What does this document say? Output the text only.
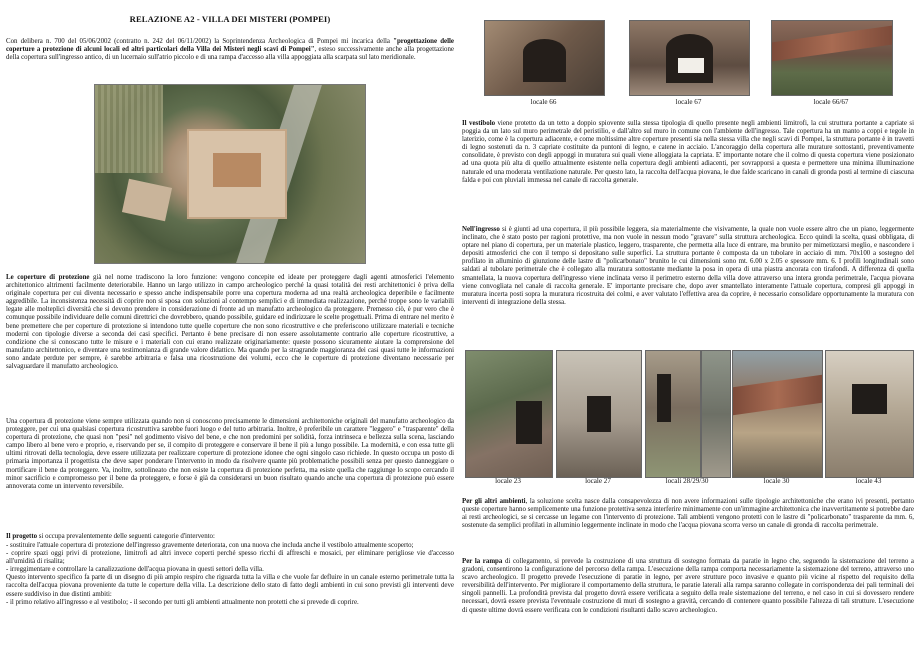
RELAZIONE A2 - VILLA DEI MISTERI (POMPEI)

Con delibera n. 700 del 05/06/2002 (contratto n. 242 del 06/11/2002) la Soprintendenza Archeologica di Pompei mi incarica della "progettazione delle coperture a protezione di alcuni locali ed altri particolari della Villa dei Misteri negli scavi di Pompei", esteso successivamente anche alla progettazione della copertura sull'ingresso antico, di un lucernaio sull'atrio piccolo e di una rampa d'accesso alla villa appoggiata alla scarpata sul lato meridionale.

Le coperture di protezione già nel nome tradiscono la loro funzione: vengono concepite ed ideate per proteggere dagli agenti atmosferici l'elemento architettonico altrimenti facilmente deteriorabile. Hanno un largo utilizzo in campo archeologico perché la quasi totalità dei resti architettonici è priva della originale copertura per cui diventa necessario e spesso anche indispensabile porre una copertura moderna ad una realtà archeologica deperibile e facilmente aggredibile. La inconsistenza necessità di coprire non si sposa con soluzioni al contempo semplici e di immediata realizzazione, perché troppe sono le variabili legate alle molteplici diversità che si devono prendere in considerazione di fronte ad un manufatto archeologico da proteggere. Premesso ciò, è pur vero che è comunque possibile individuare delle comuni direttrici che dovrebbero, quando possibile, guidare ed indirizzare le scelte progettuali. Prima di entrare nel merito è bene premettere che per coperture di protezione si intendono tutte quelle coperture che non sono ricostruttive e che preferiscono utilizzare materiali e tecniche moderni con tipologie diverse a seconda dei casi specifici. Pertanto è bene precisare di non essere assolutamente contrario alle coperture ricostruttive, a condizione che si conoscano tutte le misure e i materiali con cui erano realizzate originariamente: queste possono sicuramente aiutare la comprensione del manufatto architettonico, e diventare una testimonianza di grande valore didattico. Ma quando per la stragrande maggioranza dei casi quasi tutte le informazioni sono andate perdute per sempre, è sarebbe arbitraria e falsa una ricostruzione dei volumi, ecco che le coperture di protezione diventano necessarie per salvaguardare il manufatto archeologico.

Una copertura di protezione viene sempre utilizzata quando non si conoscono precisamente le dimensioni architettoniche originali del manufatto archeologico da proteggere, per cui una qualsiasi copertura ricostruttiva sarebbe fuori luogo e del tutto arbitraria. Inoltre, è preferibile un carattere "leggero" e "trasparente" della copertura di protezione, che quasi non "pesi" nel godimento visivo del bene, e che non predomini per solidità, forza intrinseca e bellezza sulla scena, lasciando campo libero al bene vero e proprio, e, riservando per se, il compito di proteggere e conservare il bene il più a lungo possibile. La modernità, e con essa tutte gli ultimi ritrovati della tecnologia, deve essere utilizzata per realizzare coperture di protezione idonee che ogni singolo caso richiede. In questo occupa un posto di primaria importanza il progettista che deve saper ponderare l'intervento in modo da risolvere quante più problematiche possibili senza per questo danneggiare o mortificare il bene da proteggere. Va, inoltre, sottolineato che non esiste la copertura di protezione perfetta, ma esiste quella che raggiunge lo scopo cercando il minor sacrificio e compromesso per il bene da proteggere, e forse è già da considerarsi un buon risultato quando anche una copertura di protezione può essere annoverata come un intervento reversibile.

Il progetto si occupa prevalentemente delle seguenti categorie d'intervento:

- sostituire l'attuale copertura di protezione dell'ingresso gravemente deteriorata, con una nuova che includa anche il vestibolo attualmente scoperto;
- coprire spazi oggi privi di protezione, limitrofi ad altri invece coperti perché spesso ricchi di affreschi e mosaici, per eliminare perigliose vie d'accesso all'umidità di risalita;
- irreggimentare e controllare la canalizzazione dell'acqua piovana in questi settori della villa.
Questo intervento specifico fa parte di un disegno di più ampio respiro che riguarda tutta la villa e che vuole far defluire in un canale esterno perimetrale tutta la raccolta dell'acqua piovana proveniente da tutte le coperture della villa. La descrizione dello stato di fatto degli ambienti in cui sono previsti gli interventi deve essere suddiviso in due distinti ambiti:
- il primo relativo all'ingresso e al vestibolo; - il secondo per tutti gli ambienti attualmente non protetti che si prevede di coprire.

locale 66	locale 67	locale 66/67

Il vestibolo viene protetto da un tetto a doppio spiovente sulla stessa tipologia di quello presente negli ambienti limitrofi, la cui struttura portante a capriate si poggia da un lato sul muro perimetrale del peristilio, e dall'altro sul muro in comune con l'ambiente dell'ingresso. Tale copertura ha un manto a coppi e tegole in laterizio, come è la copertura adiacente, e come moltissime altre coperture presenti sia nella stessa villa che negli scavi di Pompei, la struttura portante è in travetti di legno sostenuti da n. 3 capriate costituite da puntoni di legno, e catene in acciaio. L'ancoraggio della copertura alle murature sottostanti, preventivamente consolidate, è previsto con degli appoggi in muratura sui quali viene alloggiata la capriata. E' importante notare che il colmo di questa copertura viene posizionato ad una quota più alta di quello attualmente esistente nella copertura degli ambienti adiacenti, per sovrapporsi a questa e permettere una minima illuminazione naturale ed una moderata ventilazione naturale. Per questo lato, la raccolta dell'acqua piovana, le due falde scaricano in canali di gronda posti al termine di ciascuna falda e poi con pluviali immessa nel canale di raccolta generale.

Nell'ingresso si è giunti ad una copertura, il più possibile leggera, sia materialmente che visivamente, la quale non vuole essere altro che un piano, leggermente inclinato, che è stato posto per ragioni protettive, ma non vuole in nessun modo "gravare" sulla struttura archeologica. Ecco quindi la scelta, quasi obbligata, di optare nel piano di copertura, per un materiale plastico, leggero, trasparente, che permetta alla luce di entrare, ma brunito per mimetizzarsi meglio, e nascondere i depositi atmosferici che con il tempo si depositano sulle superfici. La struttura portante è composta da un tubolare in acciaio di mm. 70x100 a sostegno del profilato in alluminio di giunzione delle lastre di "policarbonato" brunito le cui dimensioni sono mt. 6.00 x 2.05 e spessore mm. 6. I profili longitudinali sono saldati al tubolare perimetrale che è collegato alla muratura sottostante mediante la posa in opera di una piastra ancorata con tirafondi. A differenza di quella smantellata, la nuova copertura dell'ingresso viene inclinata verso il perimetro esterno della villa dove attraverso una intera gronda perimetrale, l'acqua piovana viene convogliata nel canale di raccolta generale. E' importante precisare che, dopo aver smantellato interamente l'attuale copertura, compresi gli appoggi in muratura incerta posti sopra la muratura ricostruita dei colmi, e aver valutato l'effettiva area da coprire, è necessario consolidare opportunamente la muratura con interventi di integrazione della stessa.

locale 23	locale 27	locali 28/29/30	locale 30	locale 43

Per gli altri ambienti, la soluzione scelta nasce dalla consapevolezza di non avere informazioni sulle tipologie architettoniche che erano ivi presenti, pertanto queste coperture hanno semplicemente una funzione protettiva senza interferire minimamente con un'immagine architettonica che inavvertitamente si potrebbe dare ai resti archeologici, se si cercasse un legame con l'intervento di protezione. Tali ambienti vengono protetti con le lastre di "policarbonato" trasparente da mm. 6, sostenute da semplici profilati in alluminio leggermente inclinate in modo che l'acqua piovana scorra verso un canale di gronda di raccolta perimetrale.

Per la rampa di collegamento, si prevede la costruzione di una struttura di sostegno formata da paratie in legno che, seguendo la sistemazione del terreno a gradoni, consentirono la configurazione del percorso della rampa. L'esecuzione della rampa comporta necessariamente la sistemazione del terreno, attraverso uno scavo archeologico. Il progetto prevede l'esecuzione di paratie in legno, per avere strutture poco invasive e quanto più vicine al rispetto del requisito della reversibilità dell'intervento. Per migliorare il comportamento della struttura, le paratie laterali alla rampa saranno collegate in corrispondenza dei pali terminali dei singoli pannelli. La profondità prevista dal progetto dovrà essere verificata a seguito della reale sistemazione del terreno, e nel caso in cui si dovessero rendere necessari, dovrà essere prevista l'eventuale costruzione di muri di sostegno a gravità, cercando di contenere quanto possibile l'altezza di tali strutture. L'esecuzione di queste ultime dovrà essere verificata con le condizioni risultanti dallo scavo archeologico.
